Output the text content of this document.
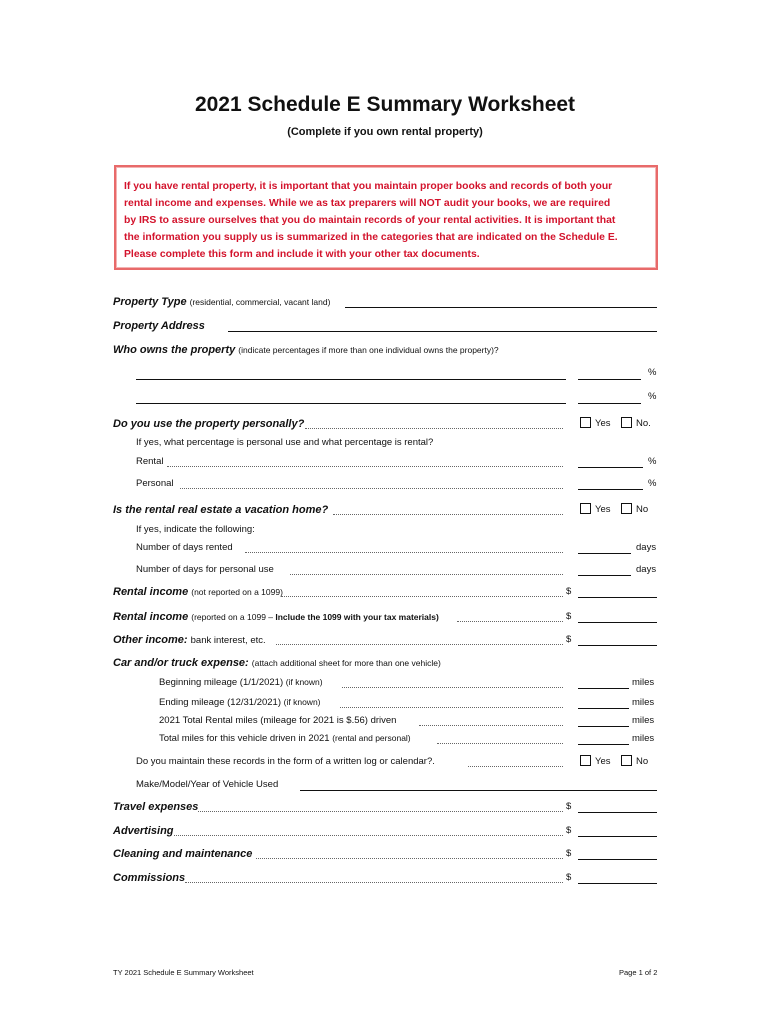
2021 Schedule E Summary Worksheet
(Complete if you own rental property)

If you have rental property, it is important that you maintain proper books and records of both your
rental income and expenses. While we as tax preparers will NOT audit your books, we are required
by IRS to assure ourselves that you do maintain records of your rental activities. It is important that
the information you supply us is summarized in the categories that are indicated on the Schedule E.
Please complete this form and include it with your other tax documents.

Property Type (residential, commercial, vacant land)
Property Address
Who owns the property (indicate percentages if more than one individual owns the property)?
%
%
Do you use the property personally?	Yes	No.
If yes, what percentage is personal use and what percentage is rental?
Rental	%
Personal	%
Is the rental real estate a vacation home?	Yes	No
If yes, indicate the following:
Number of days rented	days
Number of days for personal use	days
Rental income (not reported on a 1099)	$
Rental income (reported on a 1099 – Include the 1099 with your tax materials)	$
Other income: bank interest, etc.	$
Car and/or truck expense: (attach additional sheet for more than one vehicle)
Beginning mileage (1/1/2021) (if known)	miles
Ending mileage (12/31/2021) (if known)	miles
2021 Total Rental miles (mileage for 2021 is $.56) driven	miles
Total miles for this vehicle driven in 2021 (rental and personal)	miles
Do you maintain these records in the form of a written log or calendar?.	Yes	No
Make/Model/Year of Vehicle Used
Travel expenses	$
Advertising	$
Cleaning and maintenance	$
Commissions	$
TY 2021 Schedule E Summary Worksheet	Page 1 of 2
